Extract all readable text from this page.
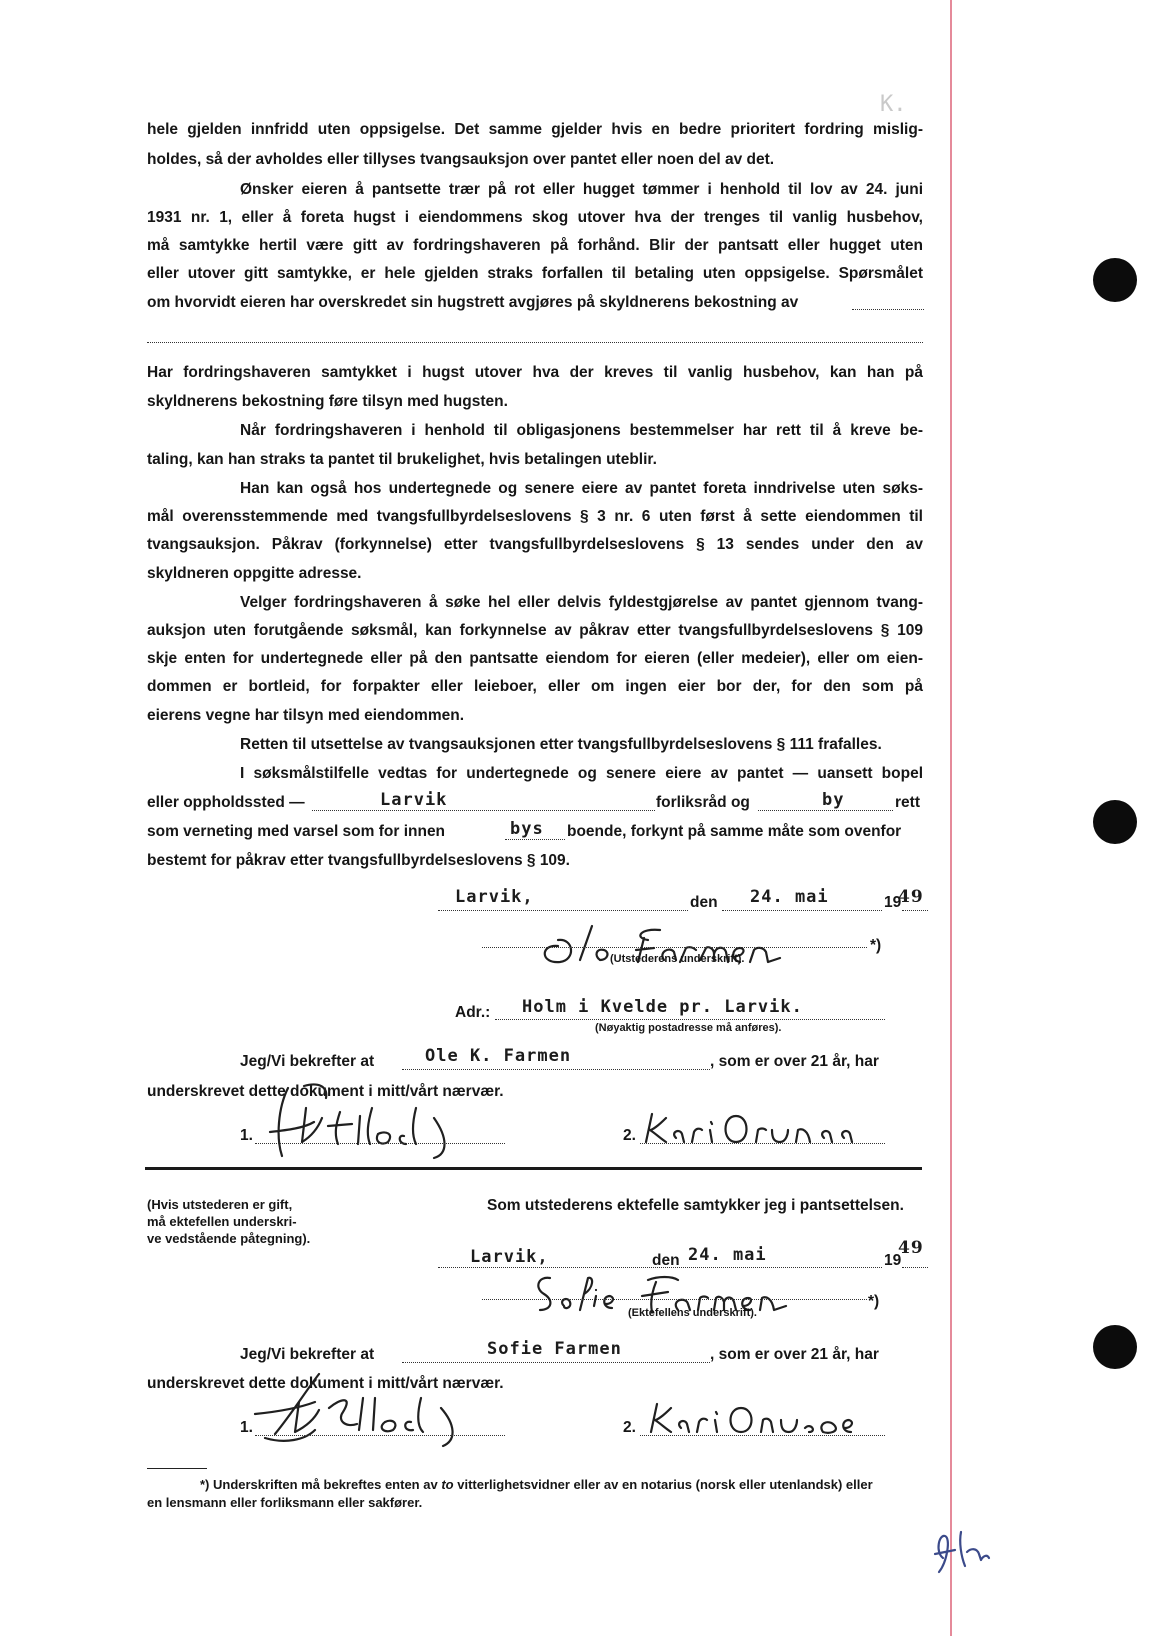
K.
hele gjelden innfridd uten oppsigelse. Det samme gjelder hvis en bedre prioritert fordring mislig-
holdes, så der avholdes eller tillyses tvangsauksjon over pantet eller noen del av det.
Ønsker eieren å pantsette trær på rot eller hugget tømmer i henhold til lov av 24. juni
1931 nr. 1, eller å foreta hugst i eiendommens skog utover hva der trenges til vanlig husbehov,
må samtykke hertil være gitt av fordringshaveren på forhånd. Blir der pantsatt eller hugget uten
eller utover gitt samtykke, er hele gjelden straks forfallen til betaling uten oppsigelse. Spørsmålet
om hvorvidt eieren har overskredet sin hugstrett avgjøres på skyldnerens bekostning av
Har fordringshaveren samtykket i hugst utover hva der kreves til vanlig husbehov, kan han på
skyldnerens bekostning føre tilsyn med hugsten.
Når fordringshaveren i henhold til obligasjonens bestemmelser har rett til å kreve be-
taling, kan han straks ta pantet til brukelighet, hvis betalingen uteblir.
Han kan også hos undertegnede og senere eiere av pantet foreta inndrivelse uten søks-
mål overensstemmende med tvangsfullbyrdelseslovens § 3 nr. 6 uten først å sette eiendommen til
tvangsauksjon. Påkrav (forkynnelse) etter tvangsfullbyrdelseslovens § 13 sendes under den av
skyldneren oppgitte adresse.
Velger fordringshaveren å søke hel eller delvis fyldestgjørelse av pantet gjennom tvang-
auksjon uten forutgående søksmål, kan forkynnelse av påkrav etter tvangsfullbyrdelseslovens § 109
skje enten for undertegnede eller på den pantsatte eiendom for eieren (eller medeier), eller om eien-
dommen er bortleid, for forpakter eller leieboer, eller om ingen eier bor der, for den som på
eierens vegne har tilsyn med eiendommen.
Retten til utsettelse av tvangsauksjonen etter tvangsfullbyrdelseslovens § 111 frafalles.
I søksmålstilfelle vedtas for undertegnede og senere eiere av pantet — uansett bopel
eller oppholdssted —	Larvik	forliksråd og	by	rett
som verneting med varsel som for innen	bys boende, forkynt på samme måte som ovenfor
bestemt for påkrav etter tvangsfullbyrdelseslovens § 109.
Larvik,	den 24. mai	19
49
*)
(Utstederens underskrift).
Adr.: Holm i Kvelde pr. Larvik.
(Nøyaktig postadresse må anføres).
Jeg/Vi bekrefter at	Ole K. Farmen	, som er over 21 år, har
underskrevet dette dokument i mitt/vårt nærvær.
1.	2.
(Hvis utstederen er gift,
må ektefellen underskri-
ve vedstående påtegning).
Som utstederens ektefelle samtykker jeg i pantsettelsen.
Larvik,	den 24. mai	19
49
*)
(Ektefellens underskrift).
Jeg/Vi bekrefter at	Sofie Farmen	, som er over 21 år, har
underskrevet dette dokument i mitt/vårt nærvær.
1.	2.
*) Underskriften må bekreftes enten av to vitterlighetsvidner eller av en notarius (norsk eller utenlandsk) eller
en lensmann eller forliksmann eller sakfører.
